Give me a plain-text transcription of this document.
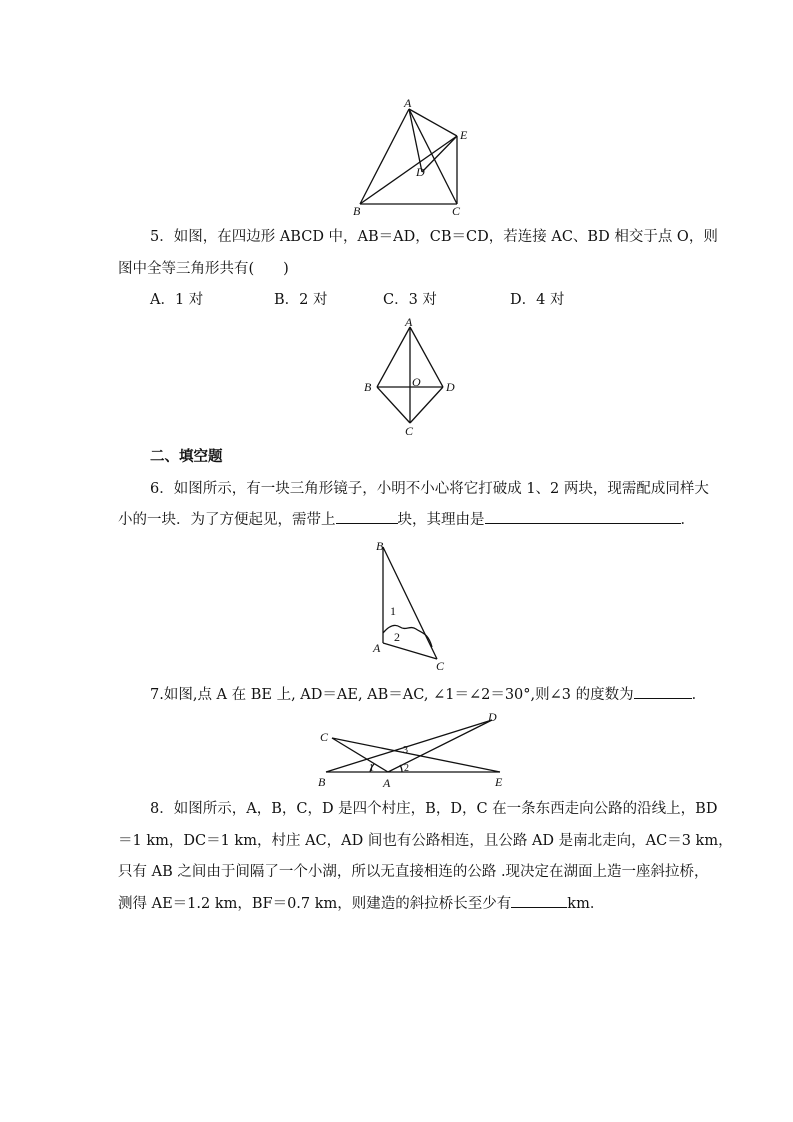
A
E
D
B	C
5．如图，在四边形 ABCD 中，AB＝AD，CB＝CD，若连接 AC、BD 相交于点 O，则
图中全等三角形共有(　　)
A．1 对	B．2 对	C．3 对	D．4 对
A
B	O D
C
二、填空题
6．如图所示，有一块三角形镜子，小明不小心将它打破成 1、2 两块，现需配成同样大
小的一块．为了方便起见，需带上	块，其理由是	．
B
1
2
A
C
7.如图,点 A 在 BE 上, AD＝AE, AB＝AC, ∠1＝∠2＝30°,则∠3 的度数为	．
C
D
B	A	E
1	2
3
8．如图所示，A，B，C，D 是四个村庄，B，D，C 在一条东西走向公路的沿线上，BD
＝1 km，DC＝1 km，村庄 AC，AD 间也有公路相连，且公路 AD 是南北走向，AC＝3 km，
只有 AB 之间由于间隔了一个小湖，所以无直接相连的公路 .现决定在湖面上造一座斜拉桥，
测得 AE＝1.2 km，BF＝0.7 km，则建造的斜拉桥长至少有	km．
